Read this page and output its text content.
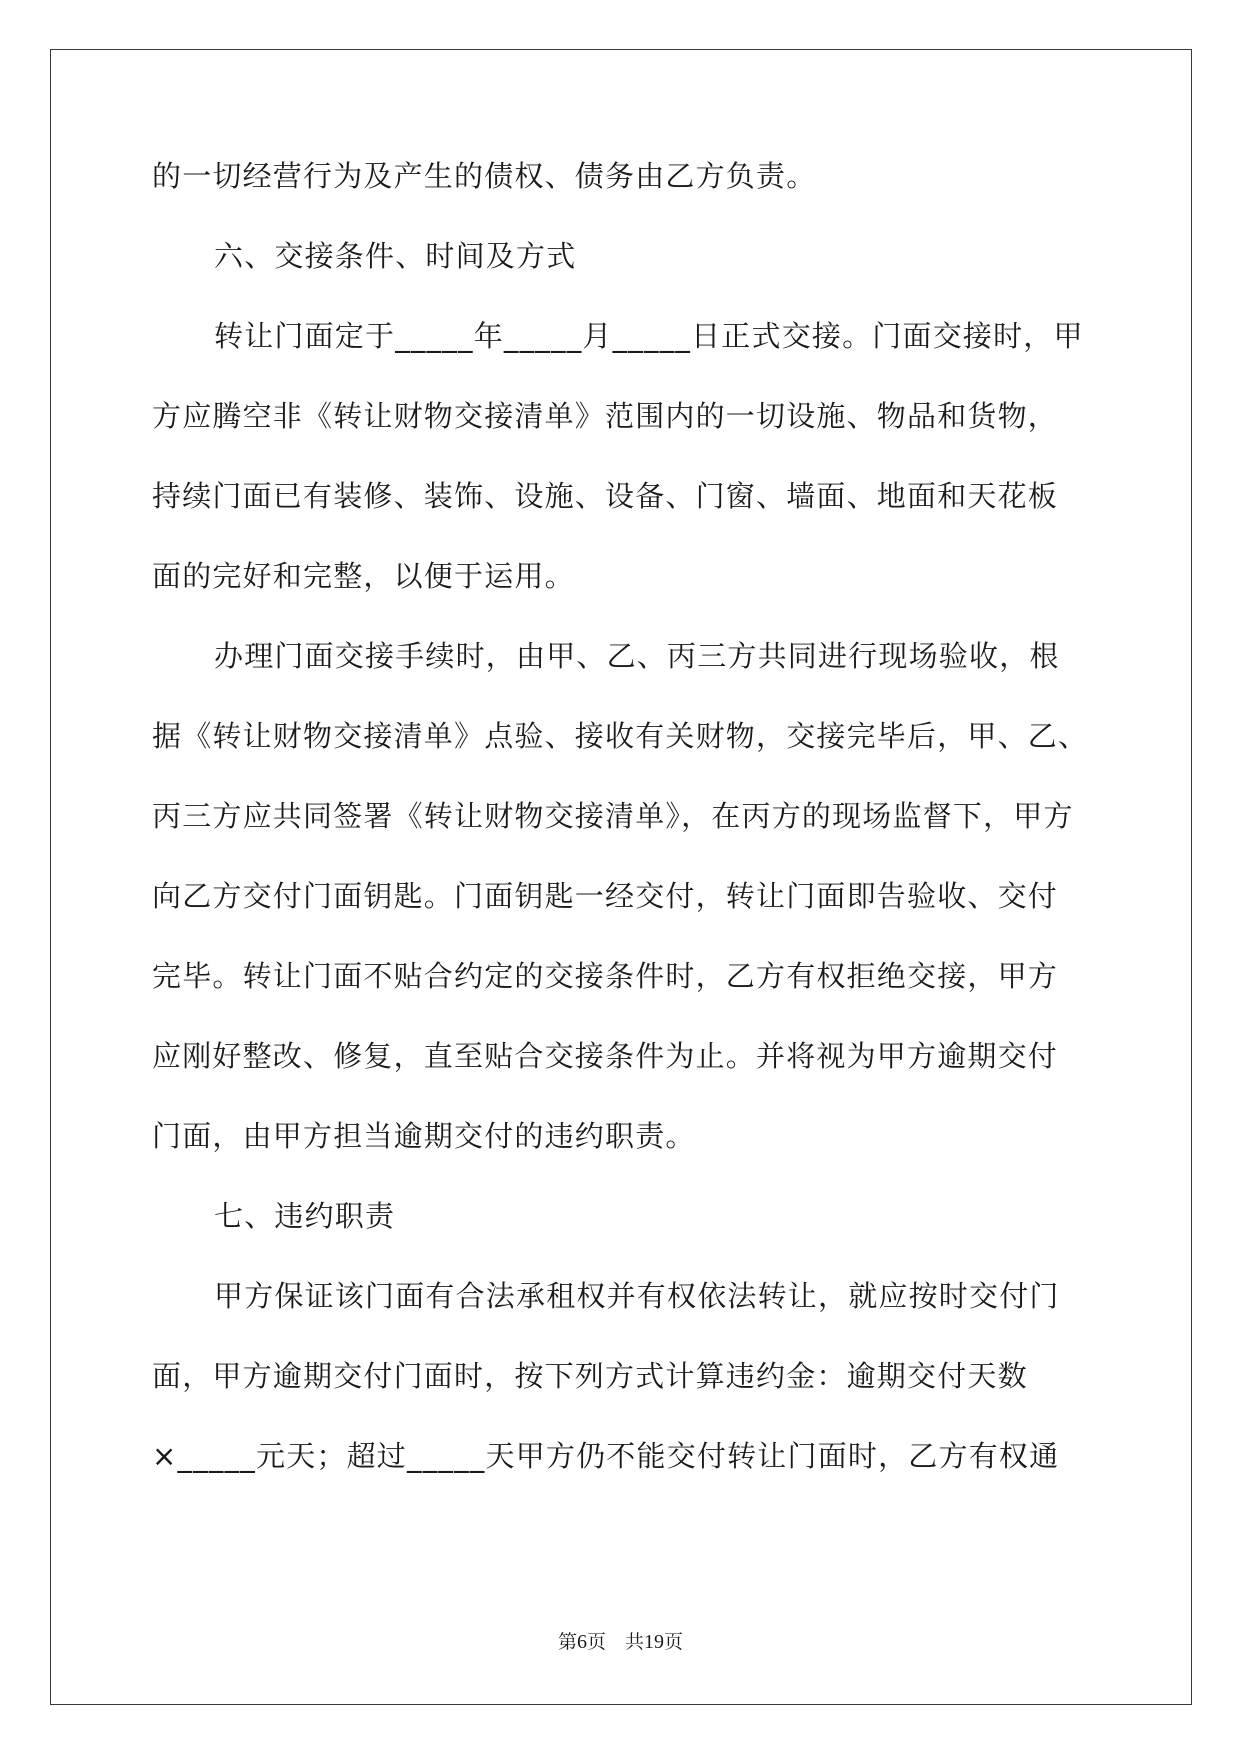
的一切经营行为及产生的债权、债务由乙方负责。
六、交接条件、时间及方式
转让门面定于_____年_____月_____日正式交接。门面交接时，甲
方应腾空非《转让财物交接清单》范围内的一切设施、物品和货物，
持续门面已有装修、装饰、设施、设备、门窗、墙面、地面和天花板
面的完好和完整，以便于运用。
办理门面交接手续时，由甲、乙、丙三方共同进行现场验收，根
据《转让财物交接清单》点验、接收有关财物，交接完毕后，甲、乙、
丙三方应共同签署《转让财物交接清单》，在丙方的现场监督下，甲方
向乙方交付门面钥匙。门面钥匙一经交付，转让门面即告验收、交付
完毕。转让门面不贴合约定的交接条件时，乙方有权拒绝交接，甲方
应刚好整改、修复，直至贴合交接条件为止。并将视为甲方逾期交付
门面，由甲方担当逾期交付的违约职责。
七、违约职责
甲方保证该门面有合法承租权并有权依法转让，就应按时交付门
面，甲方逾期交付门面时，按下列方式计算违约金：逾期交付天数
×_____元天；超过_____天甲方仍不能交付转让门面时，乙方有权通
第6页　共19页
